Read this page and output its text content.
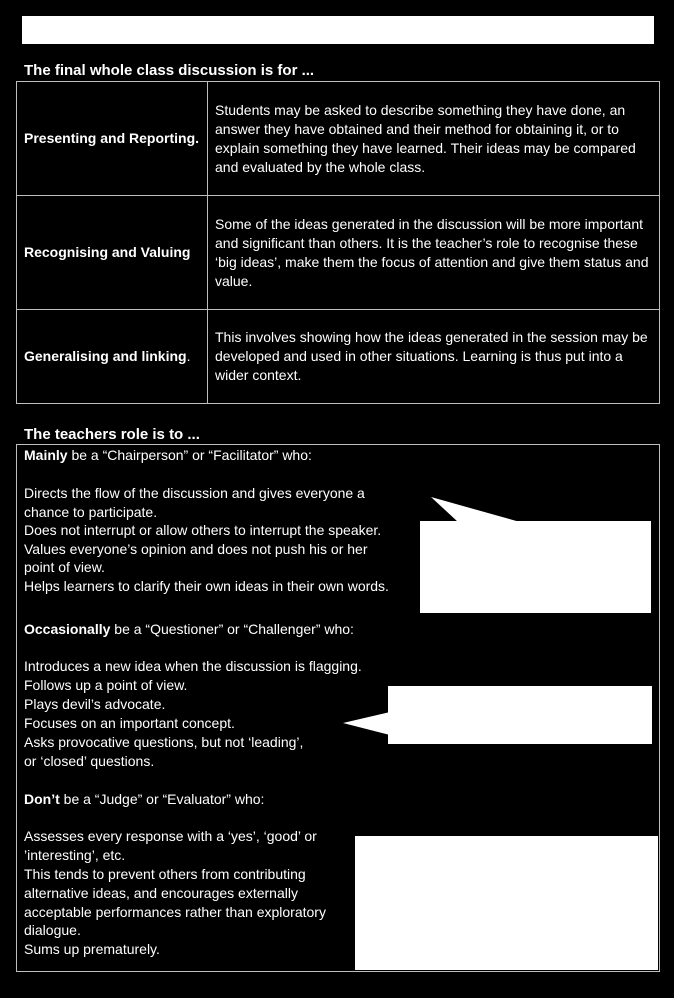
The final whole class discussion is for ...
Presenting and Reporting.	Students may be asked to describe something they have done, an answer they have obtained and their method for obtaining it, or to explain something they have learned. Their ideas may be compared and evaluated by the whole class.
Recognising and Valuing	Some of the ideas generated in the discussion will be more important and significant than others. It is the teacher’s role to recognise these ‘big ideas’, make them the focus of attention and give them status and value.
Generalising and linking.	This involves showing how the ideas generated in the session may be developed and used in other situations. Learning is thus put into a wider context.
The teachers role is to ...
Mainly be a “Chairperson” or “Facilitator” who:
Directs the flow of the discussion and gives everyone a
chance to participate.
Does not interrupt or allow others to interrupt the speaker.
Values everyone’s opinion and does not push his or her
point of view.
Helps learners to clarify their own ideas in their own words.
Occasionally be a “Questioner” or “Challenger” who:
Introduces a new idea when the discussion is flagging.
Follows up a point of view.
Plays devil’s advocate.
Focuses on an important concept.
Asks provocative questions, but not ‘leading’,
or ‘closed’ questions.
Don’t be a “Judge” or “Evaluator” who:
Assesses every response with a ‘yes’, ‘good’ or
’interesting’, etc.
This tends to prevent others from contributing
alternative ideas, and encourages externally
acceptable performances rather than exploratory
dialogue.
Sums up prematurely.
